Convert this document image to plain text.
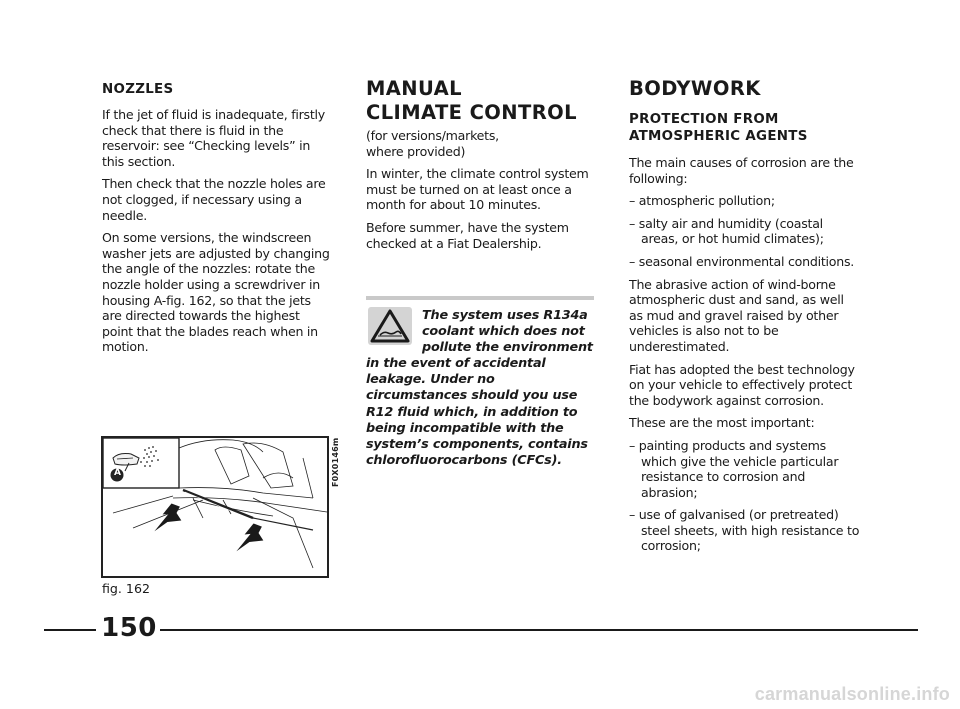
NOZZLES

If the jet of fluid is inadequate, firstly check that there is fluid in the reservoir: see “Checking levels” in this section.

Then check that the nozzle holes are not clogged, if necessary using a needle.

On some versions, the windscreen washer jets are adjusted by changing the angle of the nozzles: rotate the nozzle holder using a screwdriver in housing A-fig. 162, so that the jets are directed towards the highest point that the blades reach when in motion.

A	F0X0146m
fig. 162
MANUAL
CLIMATE CONTROL

(for versions/markets, where provided)

In winter, the climate control system must be turned on at least once a month for about 10 minutes.

Before summer, have the system checked at a Fiat Dealership.

The system uses R134a coolant which does not pollute the environment in the event of accidental leakage. Under no circumstances should you use R12 fluid which, in addition to being incompatible with the system’s components, contains chlorofluorocarbons (CFCs).
BODYWORK
PROTECTION FROM ATMOSPHERIC AGENTS

The main causes of corrosion are the following:

– atmospheric pollution;

– salty air and humidity (coastal areas, or hot humid climates);

– seasonal environmental conditions.

The abrasive action of wind-borne atmospheric dust and sand, as well as mud and gravel raised by other vehicles is also not to be underestimated.

Fiat has adopted the best technology on your vehicle to effectively protect the bodywork against corrosion.

These are the most important:

– painting products and systems which give the vehicle particular resistance to corrosion and abrasion;

– use of galvanised (or pretreated) steel sheets, with high resistance to corrosion;

150
carmanualsonline.info
